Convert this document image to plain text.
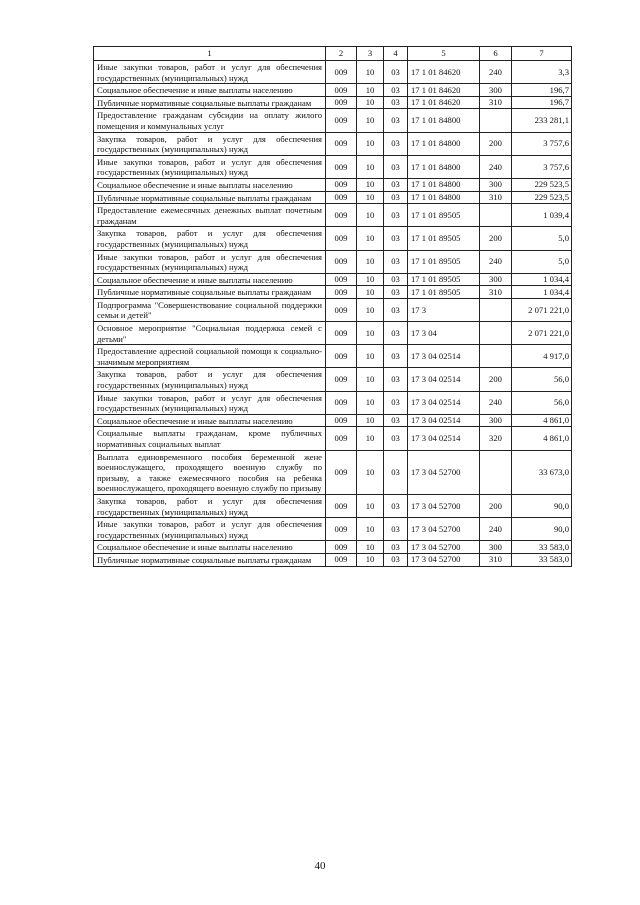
1	2	3	4	5	6	7
Иные закупки товаров, работ и услуг для обеспечения государственных (муниципальных) нужд	009	10	03	17 1 01 84620	240	3,3
Социальное обеспечение и иные выплаты населению	009	10	03	17 1 01 84620	300	196,7
Публичные нормативные социальные выплаты гражданам	009	10	03	17 1 01 84620	310	196,7
Предоставление гражданам субсидии на оплату жилого помещения и коммунальных услуг	009	10	03	17 1 01 84800		233 281,1
Закупка товаров, работ и услуг для обеспечения государственных (муниципальных) нужд	009	10	03	17 1 01 84800	200	3 757,6
Иные закупки товаров, работ и услуг для обеспечения государственных (муниципальных) нужд	009	10	03	17 1 01 84800	240	3 757,6
Социальное обеспечение и иные выплаты населению	009	10	03	17 1 01 84800	300	229 523,5
Публичные нормативные социальные выплаты гражданам	009	10	03	17 1 01 84800	310	229 523,5
Предоставление ежемесячных денежных выплат почетным гражданам	009	10	03	17 1 01 89505		1 039,4
Закупка товаров, работ и услуг для обеспечения государственных (муниципальных) нужд	009	10	03	17 1 01 89505	200	5,0
Иные закупки товаров, работ и услуг для обеспечения государственных (муниципальных) нужд	009	10	03	17 1 01 89505	240	5,0
Социальное обеспечение и иные выплаты населению	009	10	03	17 1 01 89505	300	1 034,4
Публичные нормативные социальные выплаты гражданам	009	10	03	17 1 01 89505	310	1 034,4
Подпрограмма "Совершенствование социальной поддержки семьи и детей"	009	10	03	17 3		2 071 221,0
Основное мероприятие "Социальная поддержка семей с детьми"	009	10	03	17 3 04		2 071 221,0
Предоставление адресной социальной помощи к социально-значимым мероприятиям	009	10	03	17 3 04 02514		4 917,0
Закупка товаров, работ и услуг для обеспечения государственных (муниципальных) нужд	009	10	03	17 3 04 02514	200	56,0
Иные закупки товаров, работ и услуг для обеспечения государственных (муниципальных) нужд	009	10	03	17 3 04 02514	240	56,0
Социальное обеспечение и иные выплаты населению	009	10	03	17 3 04 02514	300	4 861,0
Социальные выплаты гражданам, кроме публичных нормативных социальных выплат	009	10	03	17 3 04 02514	320	4 861,0
Выплата единовременного пособия беременной жене военнослужащего, проходящего военную службу по призыву, а также ежемесячного пособия на ребенка военнослужащего, проходящего военную службу по призыву	009	10	03	17 3 04 52700		33 673,0
Закупка товаров, работ и услуг для обеспечения государственных (муниципальных) нужд	009	10	03	17 3 04 52700	200	90,0
Иные закупки товаров, работ и услуг для обеспечения государственных (муниципальных) нужд	009	10	03	17 3 04 52700	240	90,0
Социальное обеспечение и иные выплаты населению	009	10	03	17 3 04 52700	300	33 583,0
Публичные нормативные социальные выплаты гражданам	009	10	03	17 3 04 52700	310	33 583,0
40
